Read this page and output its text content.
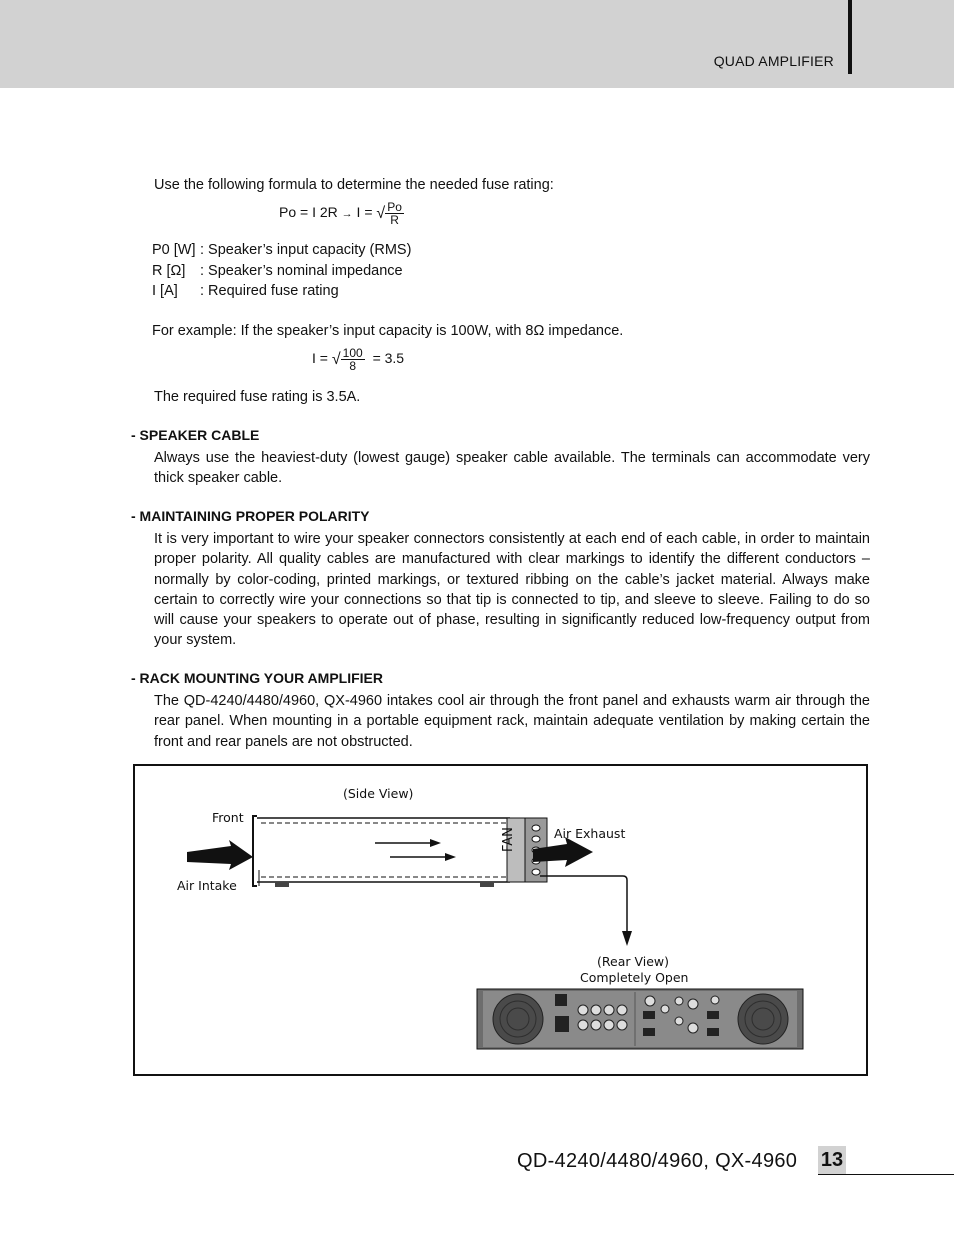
QUAD AMPLIFIER
Use the following formula to determine the needed fuse rating:
Po = I 2R → I = √ $\frac{Po}{R}$
P0 [W] : Speaker’s input capacity (RMS)
R [Ω] : Speaker’s nominal impedance
I [A] : Required fuse rating
For example: If the speaker’s input capacity is 100W, with 8Ω impedance.
I = √ $\frac{100}{8} = 3.5$
The required fuse rating is 3.5A.
- SPEAKER CABLE
Always use the heaviest-duty (lowest gauge) speaker cable available. The terminals can accommodate very thick speaker cable.
- MAINTAINING PROPER POLARITY
It is very important to wire your speaker connectors consistently at each end of each cable, in order to maintain proper polarity. All quality cables are manufactured with clear markings to identify the different conductors – normally by color-coding, printed markings, or textured ribbing on the cable’s jacket material. Always make certain to correctly wire your connections so that tip is connected to tip, and sleeve to sleeve. Failing to do so will cause your speakers to operate out of phase, resulting in significantly reduced low-frequency output from your system.
- RACK MOUNTING YOUR AMPLIFIER
The QD-4240/4480/4960, QX-4960 intakes cool air through the front panel and exhausts warm air through the rear panel. When mounting in a portable equipment rack, maintain adequate ventilation by making certain the front and rear panels are not obstructed.
(Side View)
Front
Air Intake
FAN	Air Exhaust
(Rear View)
Completely Open
QD-4240/4480/4960, QX-4960 13
